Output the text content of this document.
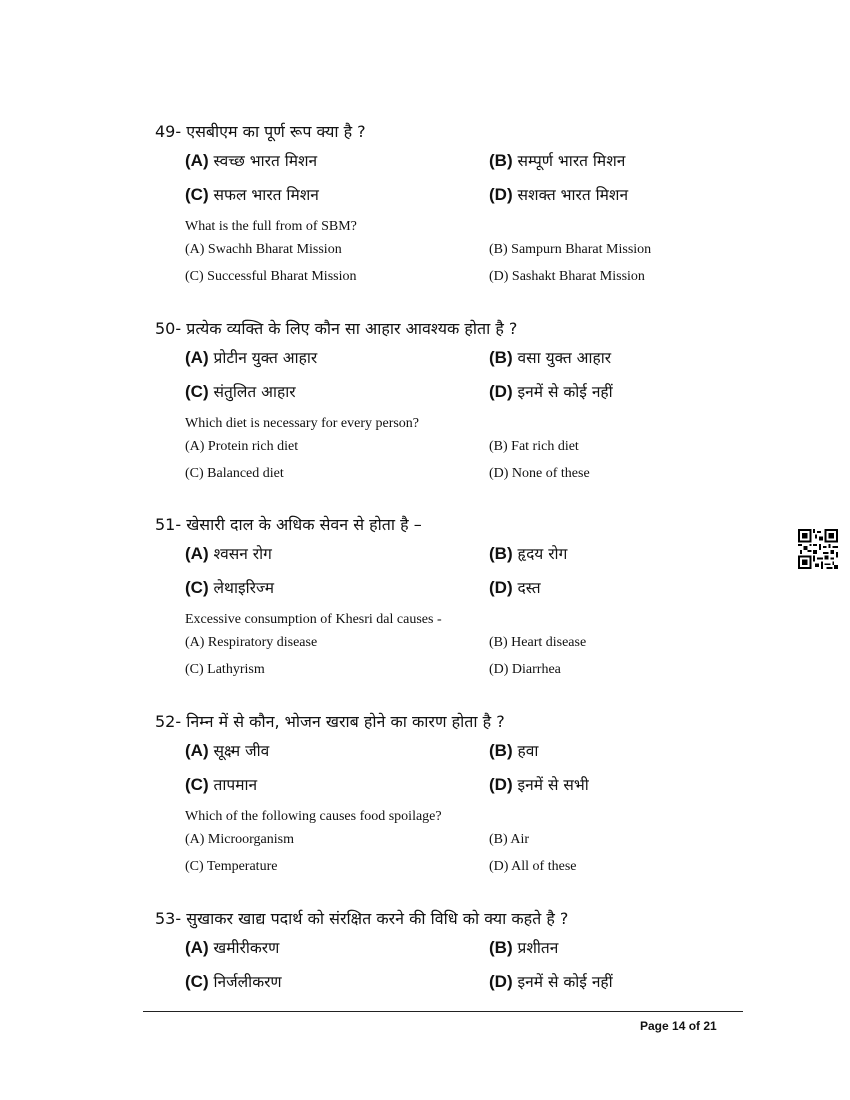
49- एसबीएम का पूर्ण रूप क्या है ?
(A) स्वच्छ भारत मिशन	(B) सम्पूर्ण भारत मिशन
(C) सफल भारत मिशन	(D) सशक्त भारत मिशन
What is the full from of SBM?
(A) Swachh Bharat Mission	(B) Sampurn Bharat Mission
(C) Successful Bharat Mission	(D) Sashakt Bharat Mission
50- प्रत्येक व्यक्ति के लिए कौन सा आहार आवश्यक होता है ?
(A) प्रोटीन युक्त आहार	(B) वसा युक्त आहार
(C) संतुलित आहार	(D) इनमें से कोई नहीं
Which diet is necessary for every person?
(A) Protein rich diet	(B) Fat rich diet
(C) Balanced diet	(D) None of these
51- खेसारी दाल के अधिक सेवन से होता है –
(A) श्वसन रोग	(B) हृदय रोग
(C) लेथाइरिज्म	(D) दस्त
Excessive consumption of Khesri dal causes -
(A) Respiratory disease	(B) Heart disease
(C) Lathyrism	(D) Diarrhea
52- निम्न में से कौन, भोजन खराब होने का कारण होता है ?
(A) सूक्ष्म जीव	(B) हवा
(C) तापमान	(D) इनमें से सभी
Which of the following causes food spoilage?
(A) Microorganism	(B) Air
(C) Temperature	(D) All of these
53- सुखाकर खाद्य पदार्थ को संरक्षित करने की विधि को क्या कहते है ?
(A) खमीरीकरण	(B) प्रशीतन
(C) निर्जलीकरण	(D) इनमें से कोई नहीं
Page 14 of 21
